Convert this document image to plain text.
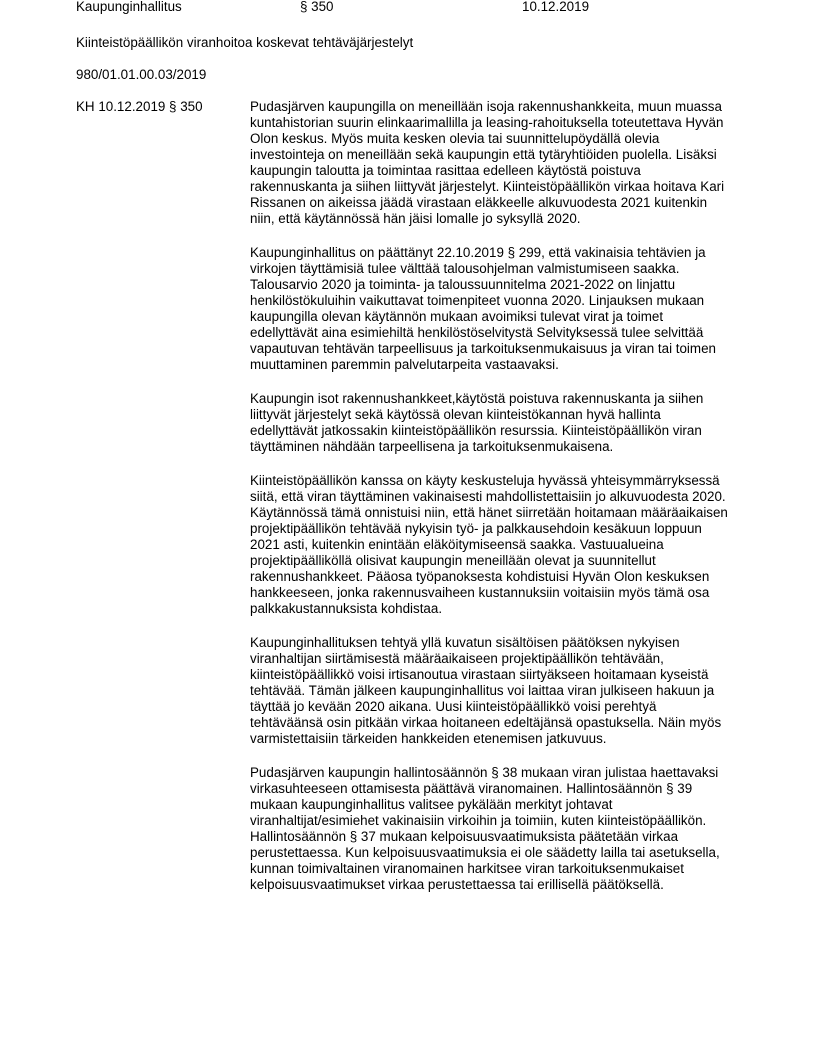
Kaupunginhallitus	§ 350	10.12.2019
Kiinteistöpäällikön viranhoitoa koskevat tehtäväjärjestelyt
980/01.01.00.03/2019
KH 10.12.2019 § 350	Pudasjärven kaupungilla on meneillään isoja rakennushankkeita, muun muassa kuntahistorian suurin elinkaarimallilla ja leasing-rahoituksella toteutettava Hyvän Olon keskus. Myös muita kesken olevia tai suunnittelupöydällä olevia investointeja on meneillään sekä kaupungin että tytäryhtiöiden puolella. Lisäksi kaupungin taloutta ja toimintaa rasittaa edelleen käytöstä poistuva rakennuskanta ja siihen liittyvät järjestelyt. Kiinteistöpäällikön virkaa hoitava Kari Rissanen on aikeissa jäädä virastaan eläkkeelle alkuvuodesta 2021 kuitenkin niin, että käytännössä hän jäisi lomalle jo syksyllä 2020.

Kaupunginhallitus on päättänyt 22.10.2019 § 299, että vakinaisia tehtävien ja virkojen täyttämisiä tulee välttää talousohjelman valmistumiseen saakka. Talousarvio 2020 ja toiminta- ja taloussuunnitelma 2021-2022 on linjattu henkilöstökuluihin vaikuttavat toimenpiteet vuonna 2020. Linjauksen mukaan kaupungilla olevan käytännön mukaan avoimiksi tulevat virat ja toimet edellyttävät aina esimiehiltä henkilöstöselvitystä Selvityksessä tulee selvittää vapautuvan tehtävän tarpeellisuus ja tarkoituksenmukaisuus ja viran tai toimen muuttaminen paremmin palvelutarpeita vastaavaksi.

Kaupungin isot rakennushankkeet,käytöstä poistuva rakennuskanta ja siihen liittyvät järjestelyt sekä käytössä olevan kiinteistökannan hyvä hallinta edellyttävät jatkossakin kiinteistöpäällikön resurssia. Kiinteistöpäällikön viran täyttäminen nähdään tarpeellisena ja tarkoituksenmukaisena.

Kiinteistöpäällikön kanssa on käyty keskusteluja hyvässä yhteisymmärryksessä siitä, että viran täyttäminen vakinaisesti mahdollistettaisiin jo alkuvuodesta 2020. Käytännössä tämä onnistuisi niin, että hänet siirretään hoitamaan määräaikaisen projektipäällikön tehtävää nykyisin työ- ja palkkausehdoin kesäkuun loppuun 2021 asti, kuitenkin enintään eläköitymiseensä saakka. Vastuualueina projektipäälliköllä olisivat kaupungin meneillään olevat ja suunnitellut rakennushankkeet. Pääosa työpanoksesta kohdistuisi Hyvän Olon keskuksen hankkeeseen, jonka rakennusvaiheen kustannuksiin voitaisiin myös tämä osa palkkakustannuksista kohdistaa.

Kaupunginhallituksen tehtyä yllä kuvatun sisältöisen päätöksen nykyisen viranhaltijan siirtämisestä määräaikaiseen projektipäällikön tehtävään, kiinteistöpäällikkö voisi irtisanoutua virastaan siirtyäkseen hoitamaan kyseistä tehtävää. Tämän jälkeen kaupunginhallitus voi laittaa viran julkiseen hakuun ja täyttää jo kevään 2020 aikana. Uusi kiinteistöpäällikkö voisi perehtyä tehtäväänsä osin pitkään virkaa hoitaneen edeltäjänsä opastuksella. Näin myös varmistettaisiin tärkeiden hankkeiden etenemisen jatkuvuus.

Pudasjärven kaupungin hallintosäännön § 38 mukaan viran julistaa haettavaksi virkasuhteeseen ottamisesta päättävä viranomainen. Hallintosäännön § 39 mukaan kaupunginhallitus valitsee pykälään merkityt johtavat viranhaltijat/esimiehet vakinaisiin virkoihin ja toimiin, kuten kiinteistöpäällikön.

Hallintosäännön § 37 mukaan kelpoisuusvaatimuksista päätetään virkaa perustettaessa. Kun kelpoisuusvaatimuksia ei ole säädetty lailla tai asetuksella, kunnan toimivaltainen viranomainen harkitsee viran tarkoituksenmukaiset kelpoisuusvaatimukset virkaa perustettaessa tai erillisellä päätöksellä.
